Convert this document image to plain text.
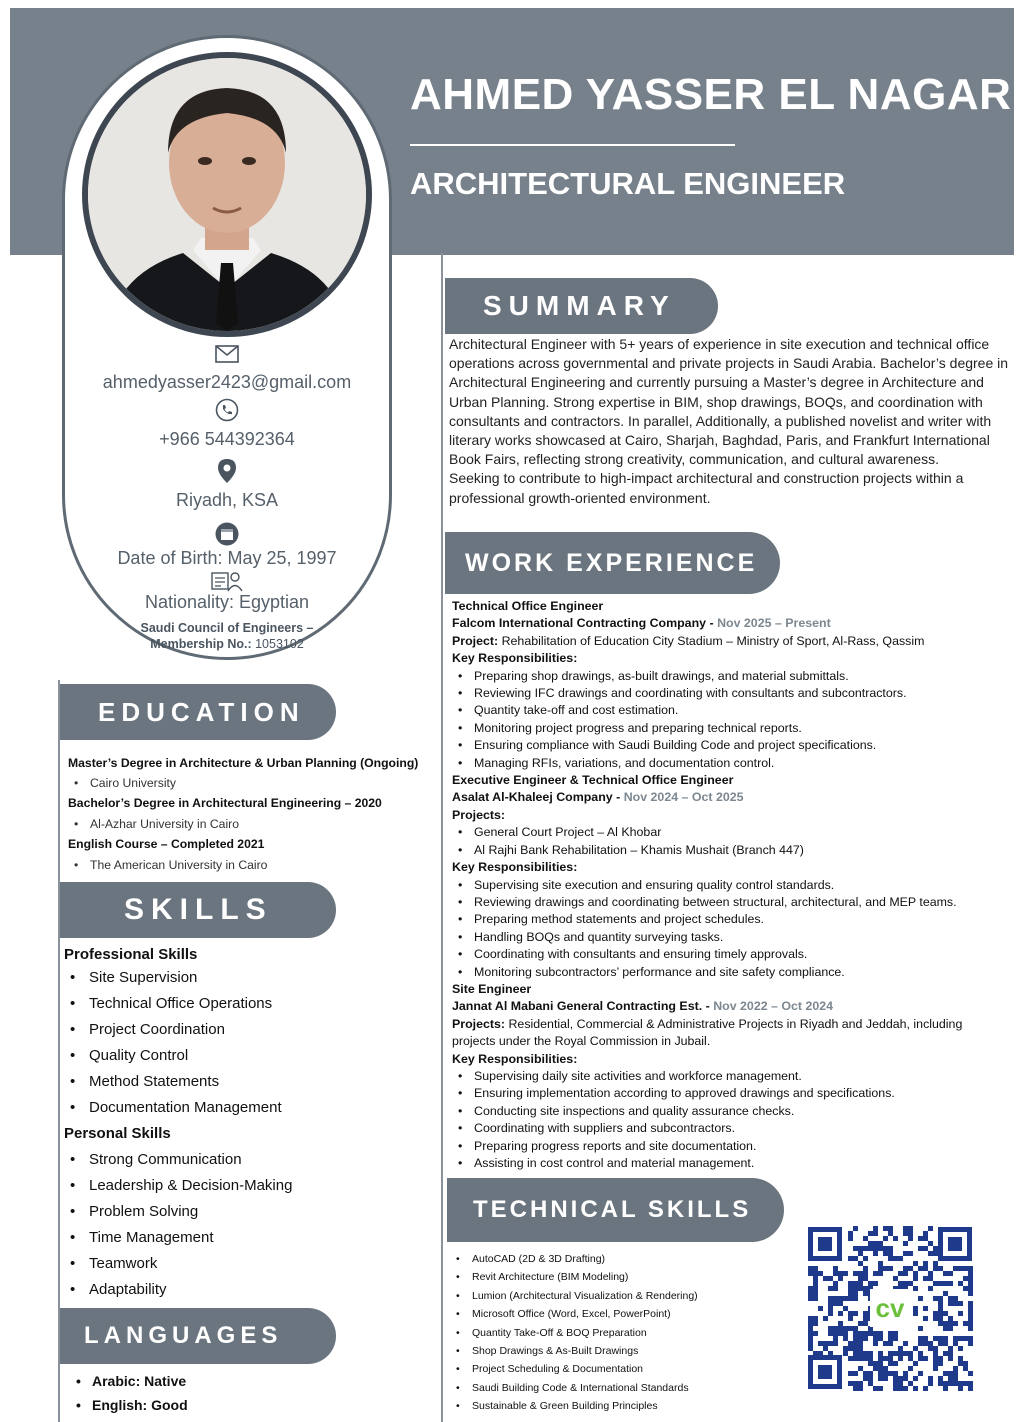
AHMED YASSER EL NAGAR
ARCHITECTURAL ENGINEER
ahmedyasser2423@gmail.com
+966 544392364
Riyadh, KSA
Date of Birth: May 25, 1997
Nationality: Egyptian
Saudi Council of Engineers –
Membership No.: 1053102
EDUCATION
Master’s Degree in Architecture & Urban Planning (Ongoing)
• Cairo University
Bachelor’s Degree in Architectural Engineering – 2020
• Al-Azhar University in Cairo
English Course – Completed 2021
• The American University in Cairo
SKILLS
Professional Skills
• Site Supervision
• Technical Office Operations
• Project Coordination
• Quality Control
• Method Statements
• Documentation Management
Personal Skills
• Strong Communication
• Leadership & Decision-Making
• Problem Solving
• Time Management
• Teamwork
• Adaptability
LANGUAGES
• Arabic: Native
• English: Good
SUMMARY
Architectural Engineer with 5+ years of experience in site execution and technical office operations across governmental and private projects in Saudi Arabia. Bachelor’s degree in Architectural Engineering and currently pursuing a Master’s degree in Architecture and Urban Planning. Strong expertise in BIM, shop drawings, BOQs, and coordination with consultants and contractors. In parallel, Additionally, a published novelist and writer with literary works showcased at Cairo, Sharjah, Baghdad, Paris, and Frankfurt International Book Fairs, reflecting strong creativity, communication, and cultural awareness.
Seeking to contribute to high-impact architectural and construction projects within a professional growth-oriented environment.
WORK EXPERIENCE
Technical Office Engineer
Falcom International Contracting Company - Nov 2025 – Present
Project: Rehabilitation of Education City Stadium – Ministry of Sport, Al-Rass, Qassim
Key Responsibilities:
• Preparing shop drawings, as-built drawings, and material submittals.
• Reviewing IFC drawings and coordinating with consultants and subcontractors.
• Quantity take-off and cost estimation.
• Monitoring project progress and preparing technical reports.
• Ensuring compliance with Saudi Building Code and project specifications.
• Managing RFIs, variations, and documentation control.
Executive Engineer & Technical Office Engineer
Asalat Al-Khaleej Company - Nov 2024 – Oct 2025
Projects:
• General Court Project – Al Khobar
• Al Rajhi Bank Rehabilitation – Khamis Mushait (Branch 447)
Key Responsibilities:
• Supervising site execution and ensuring quality control standards.
• Reviewing drawings and coordinating between structural, architectural, and MEP teams.
• Preparing method statements and project schedules.
• Handling BOQs and quantity surveying tasks.
• Coordinating with consultants and ensuring timely approvals.
• Monitoring subcontractors’ performance and site safety compliance.
Site Engineer
Jannat Al Mabani General Contracting Est. - Nov 2022 – Oct 2024
Projects: Residential, Commercial & Administrative Projects in Riyadh and Jeddah, including
projects under the Royal Commission in Jubail.
Key Responsibilities:
• Supervising daily site activities and workforce management.
• Ensuring implementation according to approved drawings and specifications.
• Conducting site inspections and quality assurance checks.
• Coordinating with suppliers and subcontractors.
• Preparing progress reports and site documentation.
• Assisting in cost control and material management.
TECHNICAL SKILLS
• AutoCAD (2D & 3D Drafting)
• Revit Architecture (BIM Modeling)
• Lumion (Architectural Visualization & Rendering)
• Microsoft Office (Word, Excel, PowerPoint)
• Quantity Take-Off & BOQ Preparation
• Shop Drawings & As-Built Drawings
• Project Scheduling & Documentation
• Saudi Building Code & International Standards
• Sustainable & Green Building Principles
cv
